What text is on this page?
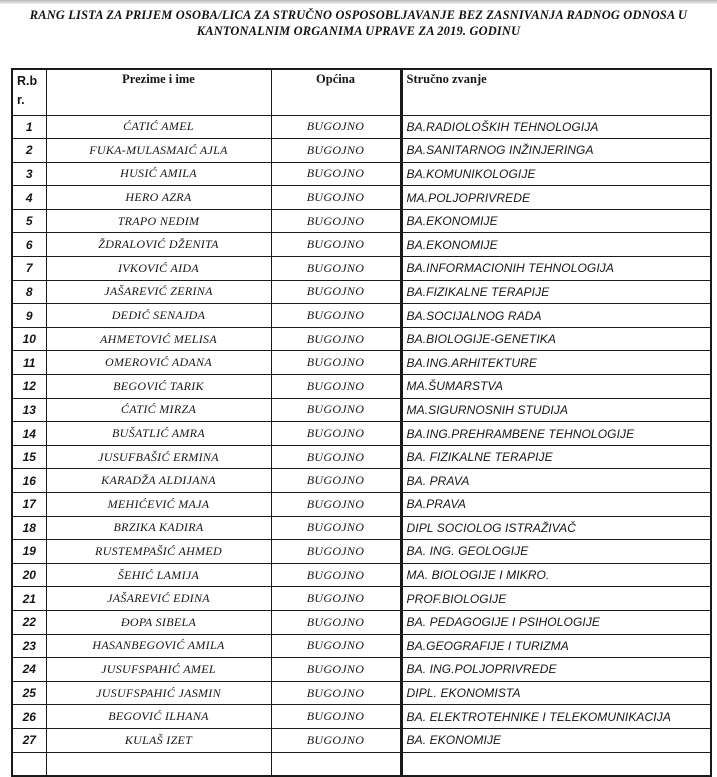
RANG LISTA ZA PRIJEM OSOBA/LICA ZA STRUČNO OSPOSOBLJAVANJE BEZ ZASNIVANJA RADNOG ODNOSA U
KANTONALNIM ORGANIMA UPRAVE ZA 2019. GODINU
R.br.	Prezime i ime	Općina	Stručno zvanje
1	ĆATIĆ AMEL	BUGOJNO	BA.RADIOLOŠKIH TEHNOLOGIJA
2	FUKA-MULASMAIĆ AJLA	BUGOJNO	BA.SANITARNOG INŽINJERINGA
3	HUSIĆ AMILA	BUGOJNO	BA.KOMUNIKOLOGIJE
4	HERO AZRA	BUGOJNO	MA.POLJOPRIVREDE
5	TRAPO NEDIM	BUGOJNO	BA.EKONOMIJE
6	ŽDRALOVIĆ DŽENITA	BUGOJNO	BA.EKONOMIJE
7	IVKOVIĆ AIDA	BUGOJNO	BA.INFORMACIONIH TEHNOLOGIJA
8	JAŠAREVIĆ ZERINA	BUGOJNO	BA.FIZIKALNE TERAPIJE
9	DEDIĆ SENAJDA	BUGOJNO	BA.SOCIJALNOG RADA
10	AHMETOVIĆ MELISA	BUGOJNO	BA.BIOLOGIJE-GENETIKA
11	OMEROVIĆ ADANA	BUGOJNO	BA.ING.ARHITEKTURE
12	BEGOVIĆ TARIK	BUGOJNO	MA.ŠUMARSTVA
13	ĆATIĆ MIRZA	BUGOJNO	MA.SIGURNOSNIH STUDIJA
14	BUŠATLIĆ AMRA	BUGOJNO	BA.ING.PREHRAMBENE TEHNOLOGIJE
15	JUSUFBAŠIĆ ERMINA	BUGOJNO	BA. FIZIKALNE TERAPIJE
16	KARADŽA ALDIJANA	BUGOJNO	BA. PRAVA
17	MEHIĆEVIĆ MAJA	BUGOJNO	BA.PRAVA
18	BRZIKA KADIRA	BUGOJNO	DIPL SOCIOLOG ISTRAŽIVAČ
19	RUSTEMPAŠIĆ AHMED	BUGOJNO	BA. ING. GEOLOGIJE
20	ŠEHIĆ LAMIJA	BUGOJNO	MA. BIOLOGIJE I MIKRO.
21	JAŠAREVIĆ EDINA	BUGOJNO	PROF.BIOLOGIJE
22	ĐOPA SIBELA	BUGOJNO	BA. PEDAGOGIJE I PSIHOLOGIJE
23	HASANBEGOVIĆ AMILA	BUGOJNO	BA.GEOGRAFIJE I TURIZMA
24	JUSUFSPAHIĆ AMEL	BUGOJNO	BA. ING.POLJOPRIVREDE
25	JUSUFSPAHIĆ JASMIN	BUGOJNO	DIPL. EKONOMISTA
26	BEGOVIĆ ILHANA	BUGOJNO	BA. ELEKTROTEHNIKE I TELEKOMUNIKACIJA
27	KULAŠ IZET	BUGOJNO	BA. EKONOMIJE
